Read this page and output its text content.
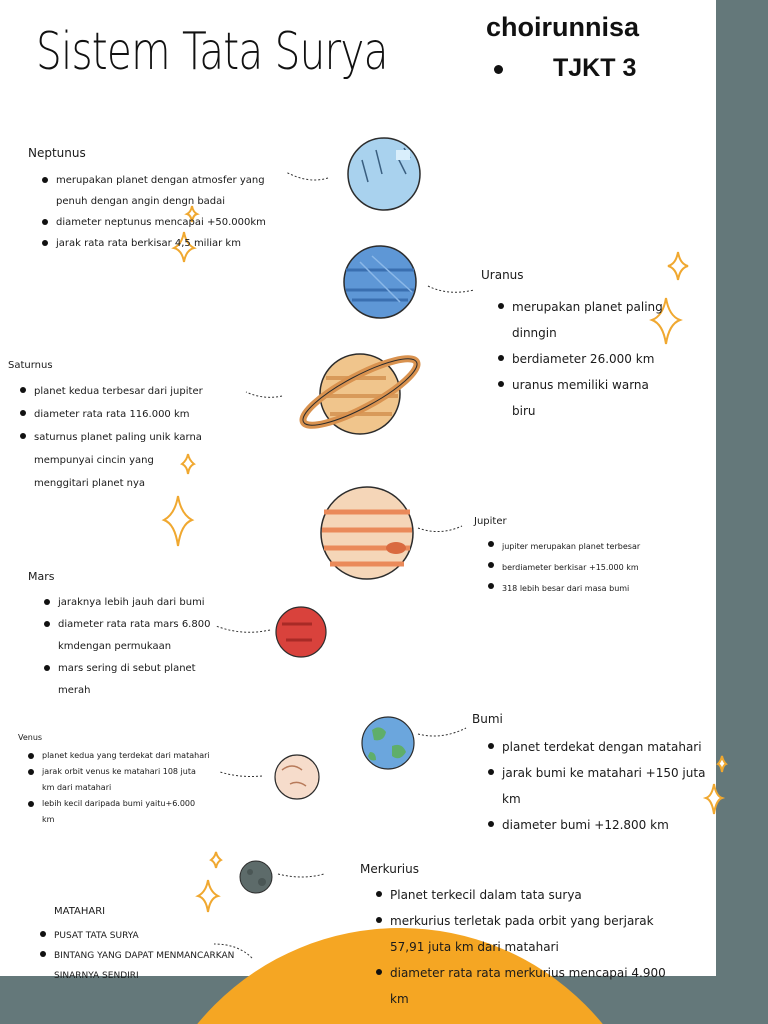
Sistem Tata Surya	choirunnisa
TJKT 3
Neptunus
merupakan planet dengan atmosfer yang penuh dengan angin dengn badai
diameter neptunus mencapai +50.000km
jarak rata rata berkisar 4,5 miliar km
Uranus
merupakan planet paling dinngin
berdiameter 26.000 km
uranus memiliki warna biru
Saturnus
planet kedua terbesar dari jupiter
diameter rata rata 116.000 km
saturnus planet paling unik karna mempunyai cincin yang menggitari planet nya
Jupiter
jupiter merupakan planet terbesar
berdiameter berkisar +15.000 km
318 lebih besar dari masa bumi
Mars
jaraknya lebih jauh dari bumi
diameter rata rata mars 6.800 kmdengan permukaan
mars sering di sebut planet merah
Bumi
planet terdekat dengan matahari
jarak bumi ke matahari +150 juta km
diameter bumi +12.800 km
Venus
planet kedua yang terdekat dari matahari
jarak orbit venus ke matahari 108 juta km dari matahari
lebih kecil daripada bumi yaitu+6.000 km
Merkurius
Planet terkecil dalam tata surya
merkurius terletak pada orbit yang berjarak 57,91 juta km dari matahari
diameter rata rata merkurius mencapai 4.900 km
MATAHARI
PUSAT TATA SURYA
BINTANG YANG DAPAT MENMANCARKAN SINARNYA SENDIRI
